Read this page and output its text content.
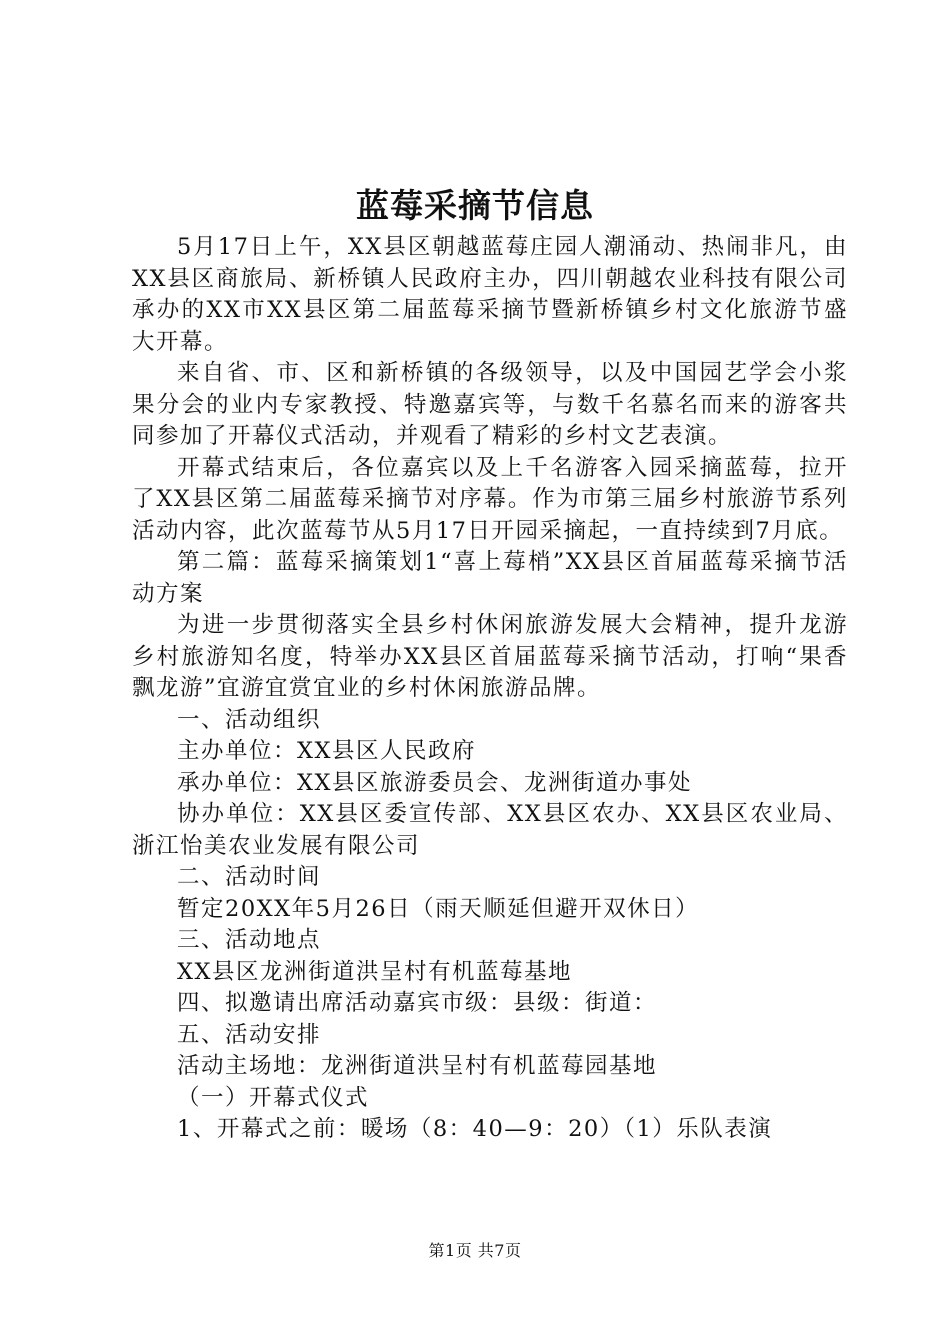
蓝莓采摘节信息

5月17日上午，XX县区朝越蓝莓庄园人潮涌动、热闹非凡，由XX县区商旅局、新桥镇人民政府主办，四川朝越农业科技有限公司承办的XX市XX县区第二届蓝莓采摘节暨新桥镇乡村文化旅游节盛大开幕。

来自省、市、区和新桥镇的各级领导，以及中国园艺学会小浆果分会的业内专家教授、特邀嘉宾等，与数千名慕名而来的游客共同参加了开幕仪式活动，并观看了精彩的乡村文艺表演。

开幕式结束后，各位嘉宾以及上千名游客入园采摘蓝莓，拉开了XX县区第二届蓝莓采摘节对序幕。作为市第三届乡村旅游节系列活动内容，此次蓝莓节从5月17日开园采摘起，一直持续到7月底。

第二篇：蓝莓采摘策划1“喜上莓梢”XX县区首届蓝莓采摘节活动方案

为进一步贯彻落实全县乡村休闲旅游发展大会精神，提升龙游乡村旅游知名度，特举办XX县区首届蓝莓采摘节活动，打响“果香飘龙游”宜游宜赏宜业的乡村休闲旅游品牌。

一、活动组织

主办单位：XX县区人民政府

承办单位：XX县区旅游委员会、龙洲街道办事处

协办单位：XX县区委宣传部、XX县区农办、XX县区农业局、浙江怡美农业发展有限公司

二、活动时间

暂定20XX年5月26日（雨天顺延但避开双休日）

三、活动地点

XX县区龙洲街道洪呈村有机蓝莓基地

四、拟邀请出席活动嘉宾市级：县级：街道：

五、活动安排

活动主场地：龙洲街道洪呈村有机蓝莓园基地

（一）开幕式仪式

1、开幕式之前：暖场（8：40—9：20）（1）乐队表演

第1页 共7页
